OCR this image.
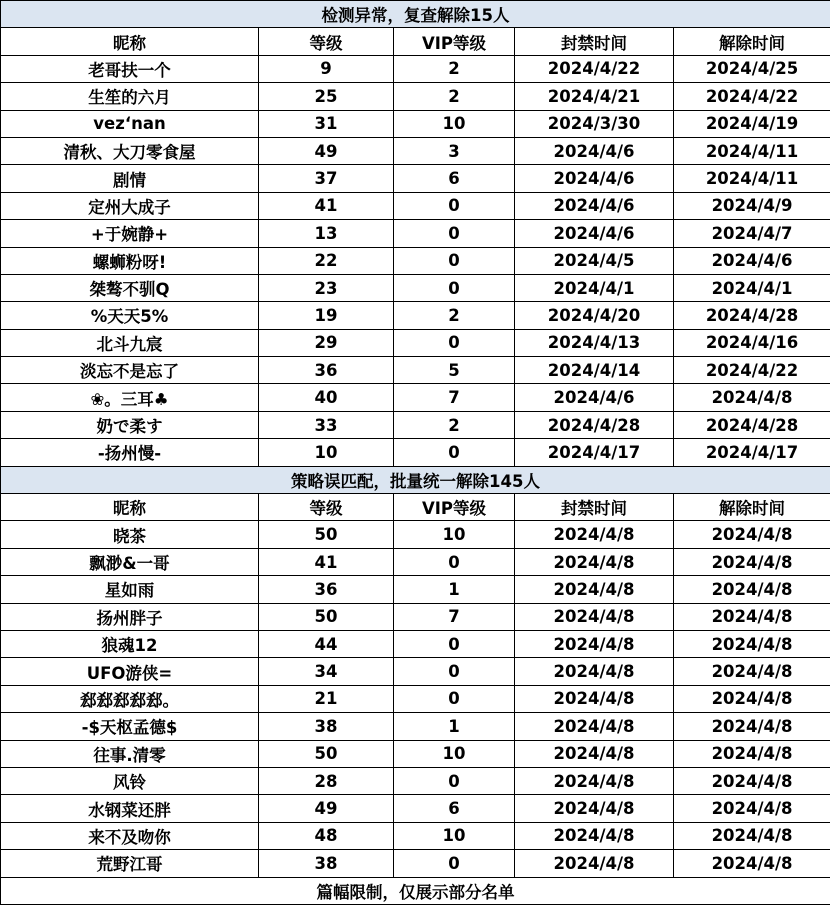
检测异常，复查解除15人				
昵称	等级	VIP等级	封禁时间	解除时间
老哥扶一个	9	2	2024/4/22	2024/4/25
生笙的六月	25	2	2024/4/21	2024/4/22
vez‘nan	31	10	2024/3/30	2024/4/19
清秋、大刀零食屋	49	3	2024/4/6	2024/4/11
剧情	37	6	2024/4/6	2024/4/11
定州大成子	41	0	2024/4/6	2024/4/9
+于婉静+	13	0	2024/4/6	2024/4/7
螺蛳粉呀!	22	0	2024/4/5	2024/4/6
桀骜不驯Q	23	0	2024/4/1	2024/4/1
%天天5%	19	2	2024/4/20	2024/4/28
北斗九宸	29	0	2024/4/13	2024/4/16
淡忘不是忘了	36	5	2024/4/14	2024/4/22
❀。三耳♣	40	7	2024/4/6	2024/4/8
奶で柔す	33	2	2024/4/28	2024/4/28
-扬州慢-	10	0	2024/4/17	2024/4/17
策略误匹配，批量统一解除145人				
昵称	等级	VIP等级	封禁时间	解除时间
晓茶	50	10	2024/4/8	2024/4/8
飘渺&一哥	41	0	2024/4/8	2024/4/8
星如雨	36	1	2024/4/8	2024/4/8
扬州胖子	50	7	2024/4/8	2024/4/8
狼魂12	44	0	2024/4/8	2024/4/8
UFO游侠=	34	0	2024/4/8	2024/4/8
郄郄郄郄郄。	21	0	2024/4/8	2024/4/8
-$天枢孟德$	38	1	2024/4/8	2024/4/8
往事.清零	50	10	2024/4/8	2024/4/8
风铃	28	0	2024/4/8	2024/4/8
水钢菜还胖	49	6	2024/4/8	2024/4/8
来不及吻你	48	10	2024/4/8	2024/4/8
荒野江哥	38	0	2024/4/8	2024/4/8
篇幅限制，仅展示部分名单				
